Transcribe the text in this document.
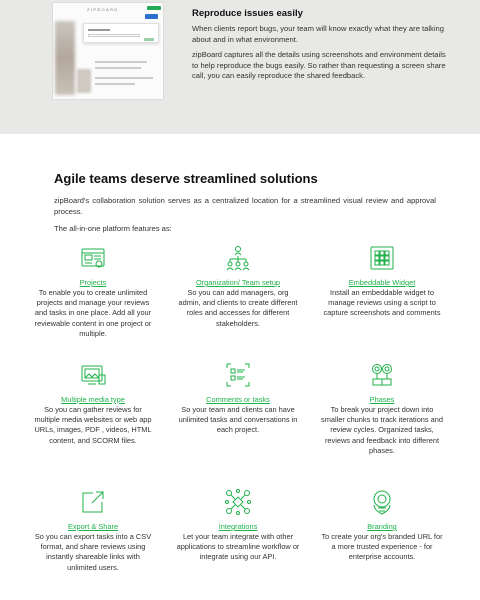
ZIPBOARD	Reproduce issues easily

When clients report bugs, your team will know exactly what they are talking about and in what environment.

zipBoard captures all the details using screenshots and environment details to help reproduce the bugs easily. So rather than requesting a screen share call, you can easily reproduce the shared feedback.

Agile teams deserve streamlined solutions

zipBoard's collaboration solution serves as a centralized location for a streamlined visual review and approval process.

The all-in-one platform features as:

Projects
To enable you to create unlimited projects and manage your reviews and tasks in one place. Add all your reviewable content in one project or multiple.
Organization/ Team setup
So you can add managers, org admin, and clients to create different roles and accesses for different stakeholders.
Embeddable Widget
Install an embeddable widget to manage reviews using a script to capture screenshots and comments
Multiple media type
So you can gather reviews for multiple media websites or web app URLs, images, PDF , videos, HTML content, and SCORM files.
Comments or tasks
So your team and clients can have unlimited tasks and conversations in each project.
Phases
To break your project down into smaller chunks to track iterations and review cycles. Organized tasks, reviews and feedback into different phases.
Export & Share
So you can export tasks into a CSV format, and share reviews using instantly shareable links with unlimited users.
Integrations
Let your team integrate with other applications to streamline workflow or integrate using our API.
Branding
To create your org's branded URL for a more trusted experience - for enterprise accounts.
